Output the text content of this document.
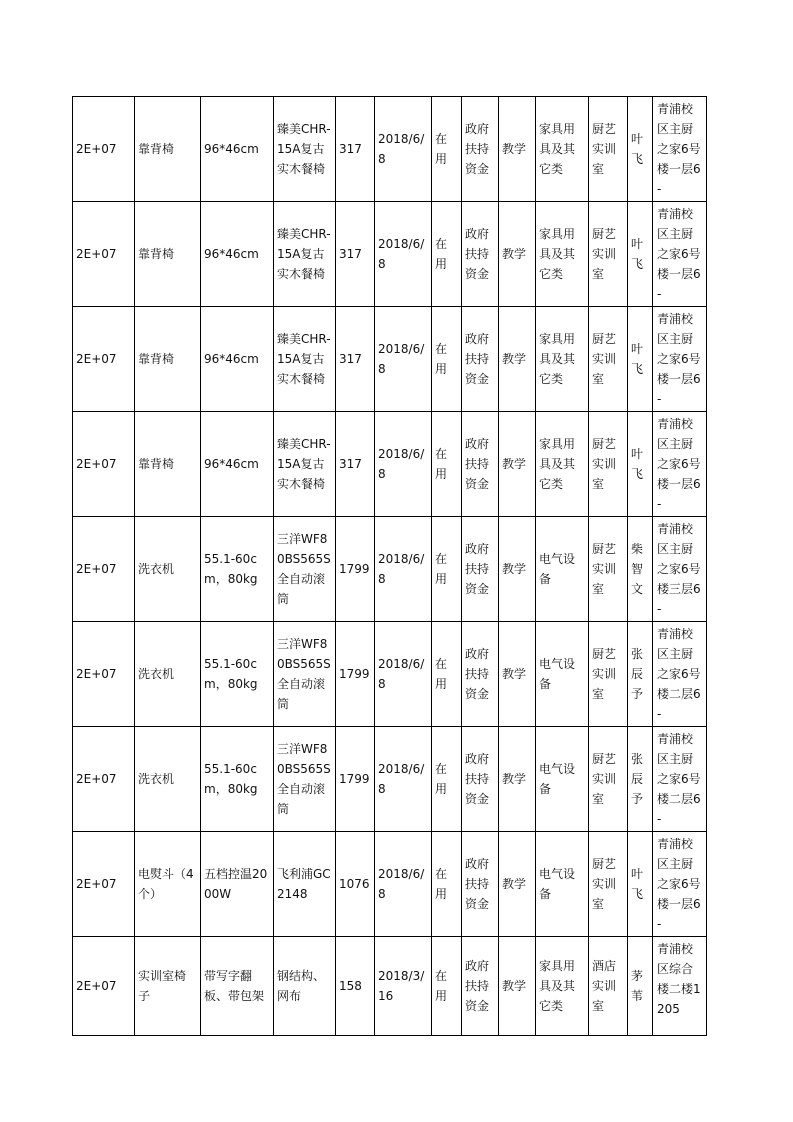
2E+07	靠背椅	96*46cm	臻美CHR-15A复古实木餐椅	317	2018/6/8	在用	政府扶持资金	教学	家具用具及其它类	厨艺实训室	叶飞	青浦校区主厨之家6号楼一层6-
2E+07	靠背椅	96*46cm	臻美CHR-15A复古实木餐椅	317	2018/6/8	在用	政府扶持资金	教学	家具用具及其它类	厨艺实训室	叶飞	青浦校区主厨之家6号楼一层6-
2E+07	靠背椅	96*46cm	臻美CHR-15A复古实木餐椅	317	2018/6/8	在用	政府扶持资金	教学	家具用具及其它类	厨艺实训室	叶飞	青浦校区主厨之家6号楼一层6-
2E+07	靠背椅	96*46cm	臻美CHR-15A复古实木餐椅	317	2018/6/8	在用	政府扶持资金	教学	家具用具及其它类	厨艺实训室	叶飞	青浦校区主厨之家6号楼一层6-
2E+07	洗衣机	55.1-60cm，80kg	三洋WF80BS565S全自动滚筒	1799	2018/6/8	在用	政府扶持资金	教学	电气设备	厨艺实训室	柴智文	青浦校区主厨之家6号楼三层6-
2E+07	洗衣机	55.1-60cm，80kg	三洋WF80BS565S全自动滚筒	1799	2018/6/8	在用	政府扶持资金	教学	电气设备	厨艺实训室	张辰予	青浦校区主厨之家6号楼二层6-
2E+07	洗衣机	55.1-60cm，80kg	三洋WF80BS565S全自动滚筒	1799	2018/6/8	在用	政府扶持资金	教学	电气设备	厨艺实训室	张辰予	青浦校区主厨之家6号楼二层6-
2E+07	电熨斗（4个）	五档控温2000W	飞利浦GC2148	1076	2018/6/8	在用	政府扶持资金	教学	电气设备	厨艺实训室	叶飞	青浦校区主厨之家6号楼一层6-
2E+07	实训室椅子	带写字翻板、带包架	钢结构、网布	158	2018/3/16	在用	政府扶持资金	教学	家具用具及其它类	酒店实训室	茅苇	青浦校区综合楼二楼1205
